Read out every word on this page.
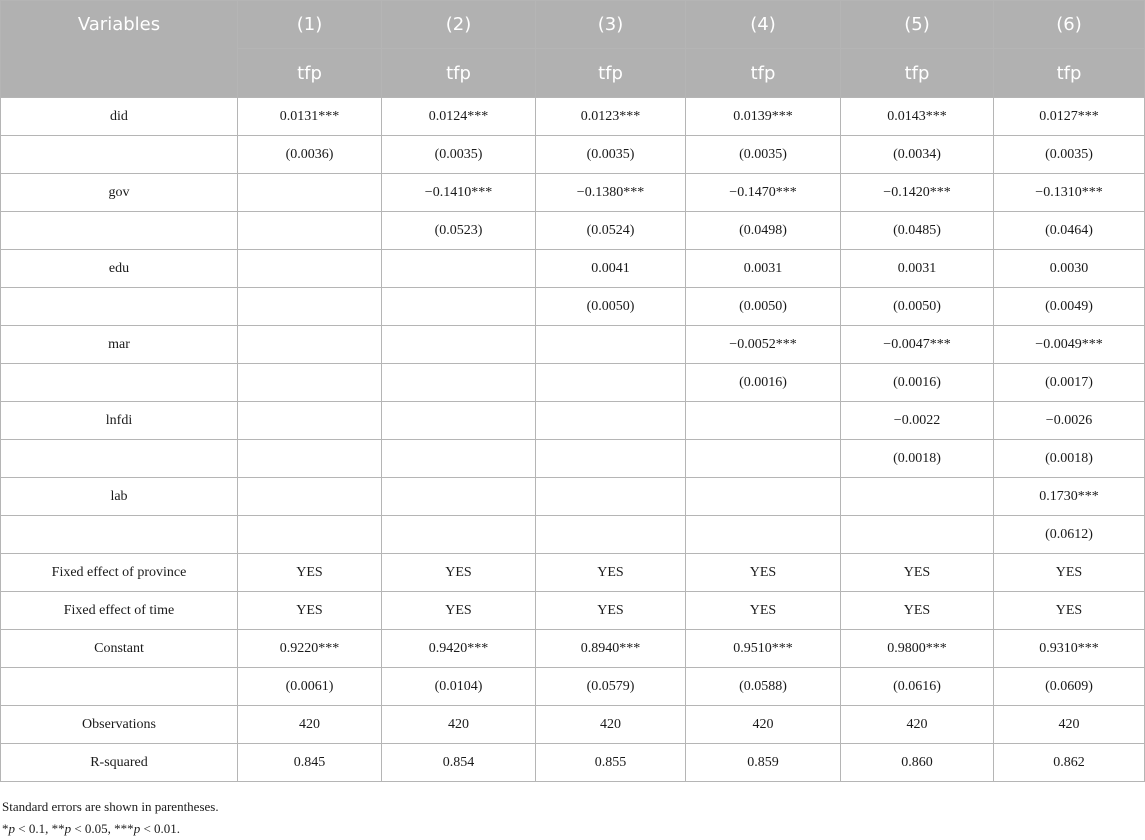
Variables	(1)	(2)	(3)	(4)	(5)	(6)
	tfp	tfp	tfp	tfp	tfp	tfp
did	0.0131***	0.0124***	0.0123***	0.0139***	0.0143***	0.0127***
	(0.0036)	(0.0035)	(0.0035)	(0.0035)	(0.0034)	(0.0035)
gov		−0.1410***	−0.1380***	−0.1470***	−0.1420***	−0.1310***
		(0.0523)	(0.0524)	(0.0498)	(0.0485)	(0.0464)
edu			0.0041	0.0031	0.0031	0.0030
			(0.0050)	(0.0050)	(0.0050)	(0.0049)
mar				−0.0052***	−0.0047***	−0.0049***
				(0.0016)	(0.0016)	(0.0017)
lnfdi					−0.0022	−0.0026
					(0.0018)	(0.0018)
lab						0.1730***
						(0.0612)
Fixed effect of province	YES	YES	YES	YES	YES	YES
Fixed effect of time	YES	YES	YES	YES	YES	YES
Constant	0.9220***	0.9420***	0.8940***	0.9510***	0.9800***	0.9310***
	(0.0061)	(0.0104)	(0.0579)	(0.0588)	(0.0616)	(0.0609)
Observations	420	420	420	420	420	420
R-squared	0.845	0.854	0.855	0.859	0.860	0.862
Standard errors are shown in parentheses.
*p < 0.1, **p < 0.05, ***p < 0.01.
